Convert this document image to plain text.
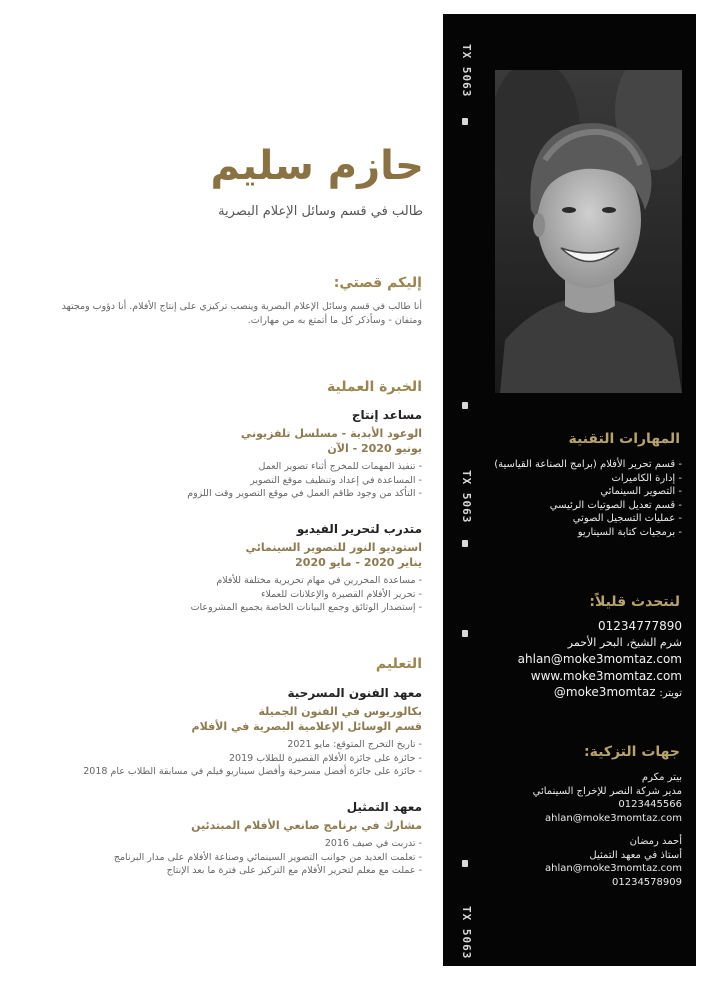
TX 5063
TX 5063
TX 5063
المهارات التقنية
- قسم تحرير الأفلام (برامج الصناعة القياسية)
- إدارة الكاميرات
- التصوير السينمائي
- قسم تعديل الصوتيات الرئيسي
- عمليات التسجيل الصوتي
- برمجيات كتابة السيناريو
لنتحدث قليلاً:
01234777890
شرم الشيخ، البحر الأحمر
ahlan@moke3momtaz.com
www.moke3momtaz.com
تويتر: @moke3momtaz
جهات التزكية:
بيتر مكرم
مدير شركة النصر للإخراج السينمائي
0123445566
ahlan@moke3momtaz.com
أحمد رمضان
أستاذ في معهد التمثيل
ahlan@moke3momtaz.com
01234578909
حازم سليم
طالب في قسم وسائل الإعلام البصرية
إليكم قصتي:
أنا طالب في قسم وسائل الإعلام البصرية وينصب تركيزي على إنتاج الأفلام. أنا دؤوب ومجتهد ومتفان - وسأذكر كل ما أتمتع به من مهارات.
الخبرة العملية
مساعد إنتاج
الوعود الأبدية - مسلسل تلفزيوني
يونيو 2020 - الآن
- تنفيذ المهمات للمخرج أثناء تصوير العمل
- المساعدة في إعداد وتنظيف موقع التصوير
- التأكد من وجود طاقم العمل في موقع التصوير وقت اللزوم
متدرب لتحرير الفيديو
استوديو النور للتصوير السينمائي
يناير 2020 - مايو 2020
- مساعدة المحررين في مهام تحريرية مختلفة للأفلام
- تحرير الأفلام القصيرة والإعلانات للعملاء
- إستصدار الوثائق وجمع البيانات الخاصة بجميع المشروعات
التعليم
معهد الفنون المسرحية
بكالوريوس في الفنون الجميلة
قسم الوسائل الإعلامية البصرية في الأفلام
- تاريخ التخرج المتوقع: مايو 2021
- حائزة على جائزة الأفلام القصيرة للطلاب 2019
- حائزة على جائزة أفضل مسرحية وأفضل سيناريو فيلم في مسابقة الطلاب عام 2018
معهد التمثيل
مشارك في برنامج صانعي الأفلام المبتدئين
- تدربت في صيف 2016
- تعلمت العديد من جوانب التصوير السينمائي وصناعة الأفلام على مدار البرنامج
- عملت مع معلم لتحرير الأفلام مع التركيز على فترة ما بعد الإنتاج
